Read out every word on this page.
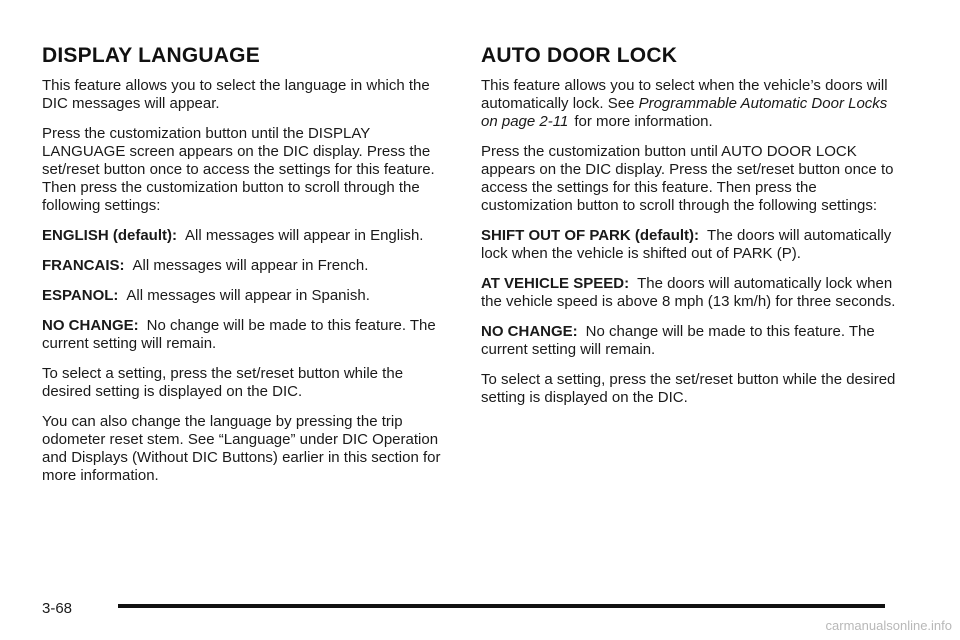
DISPLAY LANGUAGE

This feature allows you to select the language in which the DIC messages will appear.

Press the customization button until the DISPLAY LANGUAGE screen appears on the DIC display. Press the set/reset button once to access the settings for this feature. Then press the customization button to scroll through the following settings:

ENGLISH (default): All messages will appear in English.

FRANCAIS: All messages will appear in French.

ESPANOL: All messages will appear in Spanish.

NO CHANGE: No change will be made to this feature. The current setting will remain.

To select a setting, press the set/reset button while the desired setting is displayed on the DIC.

You can also change the language by pressing the trip odometer reset stem. See “Language” under DIC Operation and Displays (Without DIC Buttons) earlier in this section for more information.

AUTO DOOR LOCK

This feature allows you to select when the vehicle’s doors will automatically lock. See Programmable Automatic Door Locks on page 2-11 for more information.

Press the customization button until AUTO DOOR LOCK appears on the DIC display. Press the set/reset button once to access the settings for this feature. Then press the customization button to scroll through the following settings:

SHIFT OUT OF PARK (default): The doors will automatically lock when the vehicle is shifted out of PARK (P).

AT VEHICLE SPEED: The doors will automatically lock when the vehicle speed is above 8 mph (13 km/h) for three seconds.

NO CHANGE: No change will be made to this feature. The current setting will remain.

To select a setting, press the set/reset button while the desired setting is displayed on the DIC.

3-68
carmanualsonline.info
